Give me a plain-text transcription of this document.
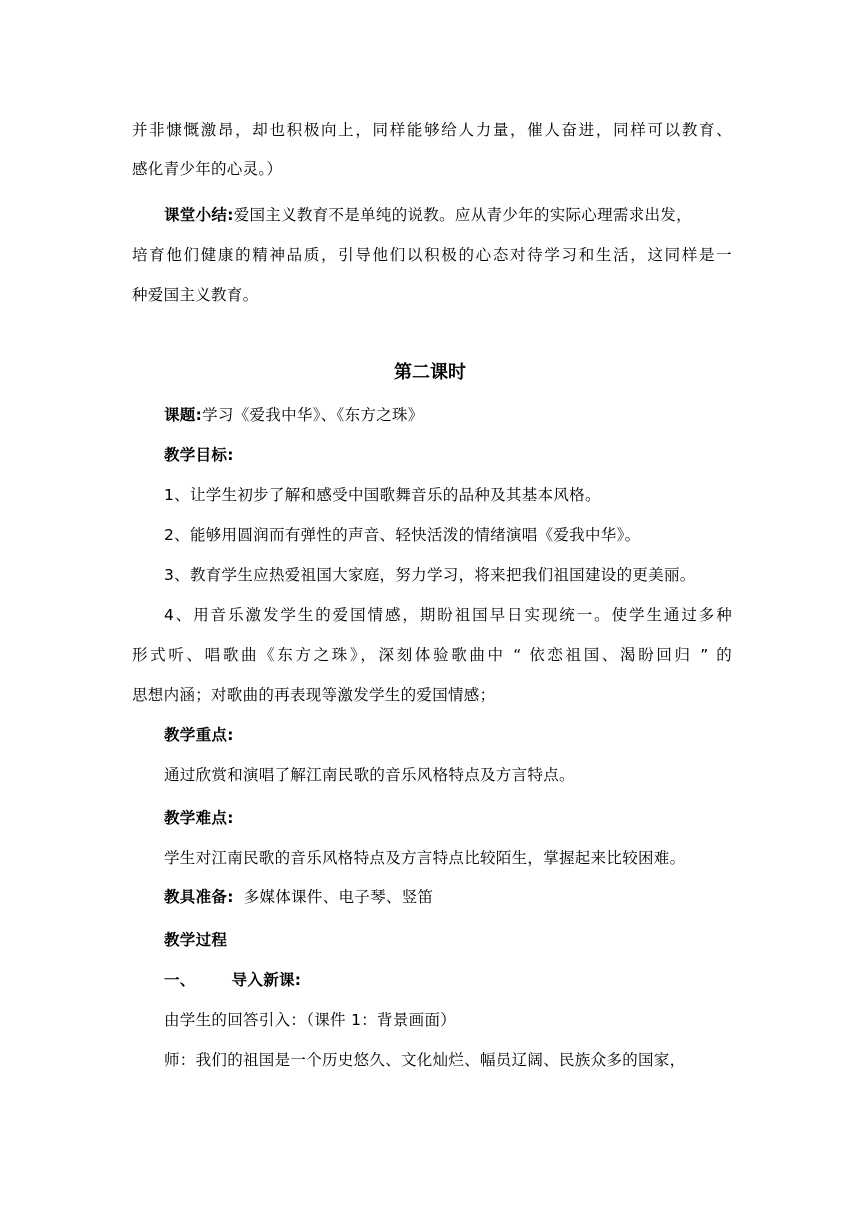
并非慷慨激昂，却也积极向上，同样能够给人力量，催人奋进，同样可以教育、
感化青少年的心灵。）
课堂小结:爱国主义教育不是单纯的说教。应从青少年的实际心理需求出发，
培育他们健康的精神品质，引导他们以积极的心态对待学习和生活，这同样是一
种爱国主义教育。
第二课时
课题:学习《爱我中华》、《东方之珠》
教学目标:
1、让学生初步了解和感受中国歌舞音乐的品种及其基本风格。
2、能够用圆润而有弹性的声音、轻快活泼的情绪演唱《爱我中华》。
3、教育学生应热爱祖国大家庭，努力学习，将来把我们祖国建设的更美丽。
4、用音乐激发学生的爱国情感，期盼祖国早日实现统一。使学生通过多种
形式听、唱歌曲《东方之珠》，深刻体验歌曲中 “ 依恋祖国、渴盼回归 ” 的
思想内涵；对歌曲的再表现等激发学生的爱国情感；
教学重点:
通过欣赏和演唱了解江南民歌的音乐风格特点及方言特点。
教学难点:
学生对江南民歌的音乐风格特点及方言特点比较陌生，掌握起来比较困难。
教具准备: 多媒体课件、电子琴、竖笛
教学过程
一、 导入新课:
由学生的回答引入：（课件 1：背景画面）
师：我们的祖国是一个历史悠久、文化灿烂、幅员辽阔、民族众多的国家，
